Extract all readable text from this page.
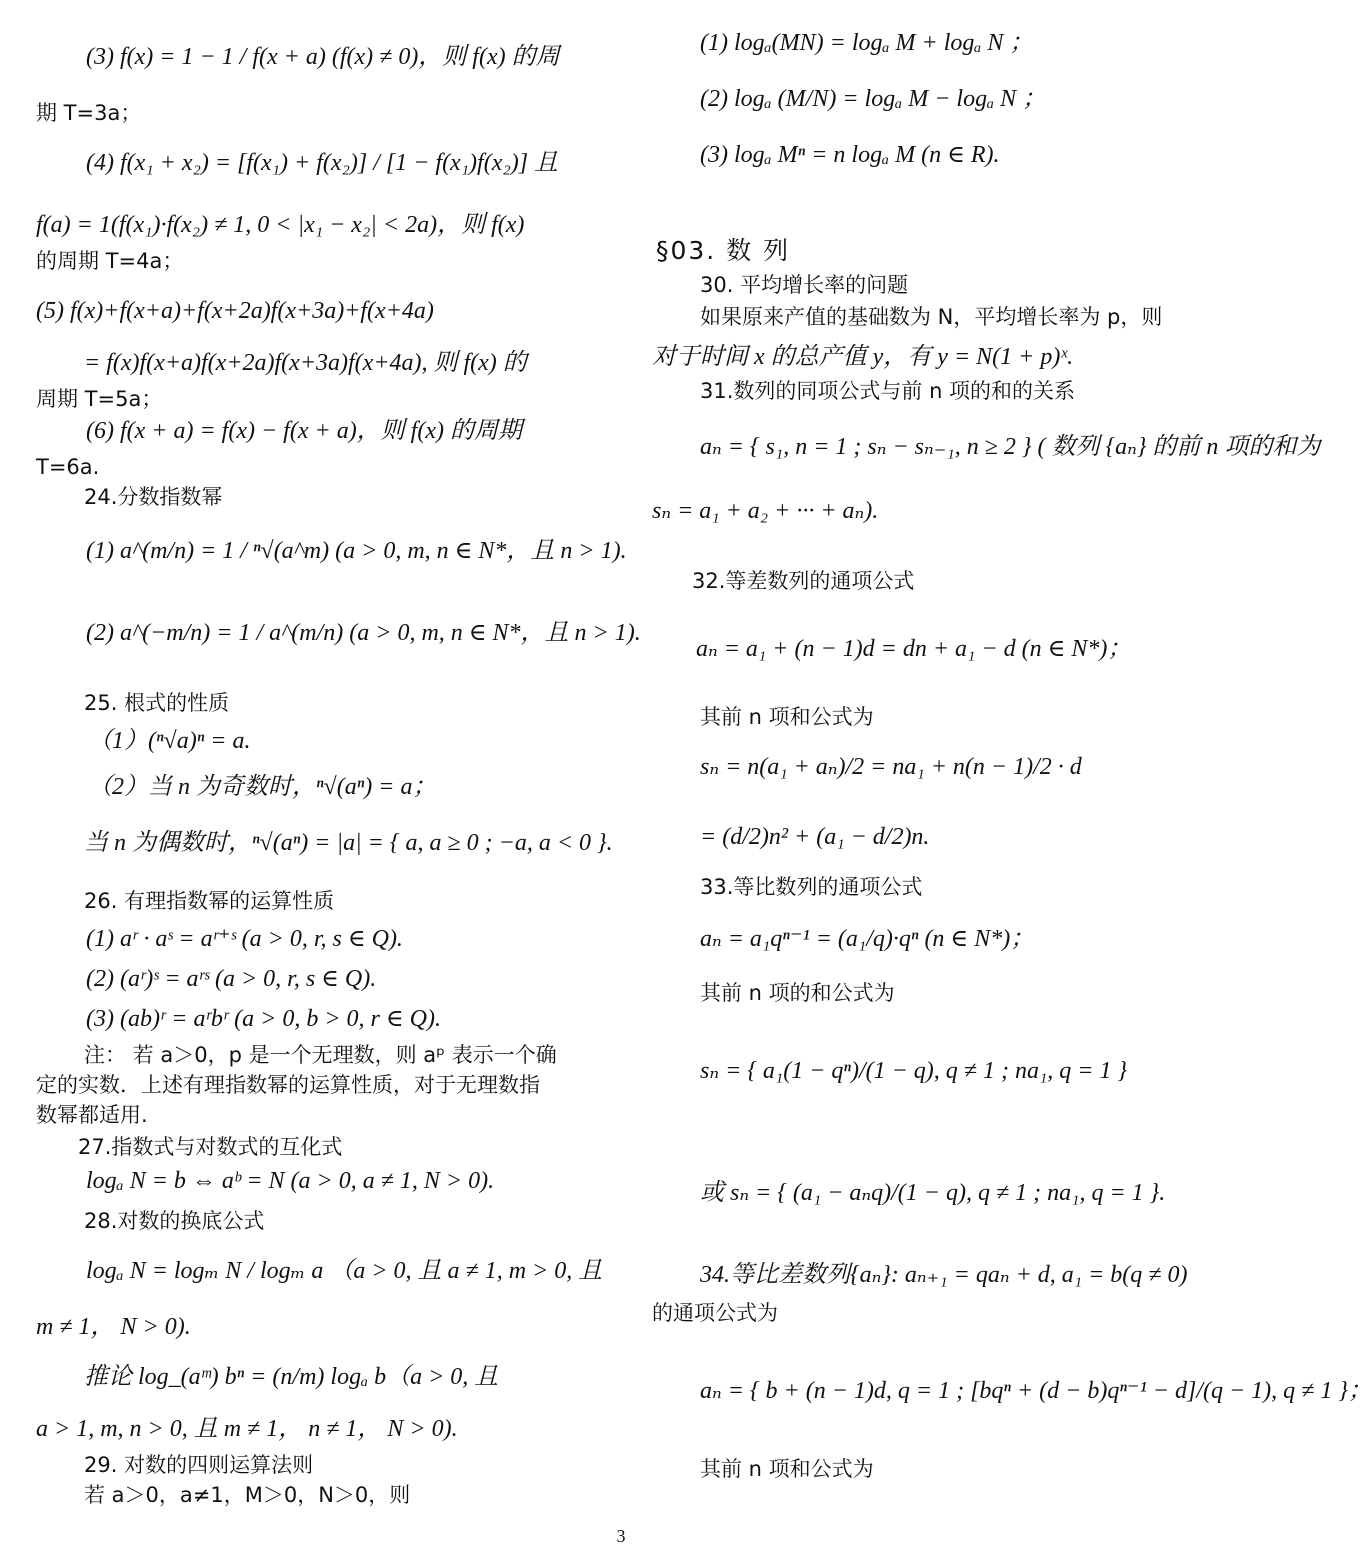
(3) f(x) = 1 − 1 / f(x + a) (f(x) ≠ 0)，则 f(x) 的周
期 T=3a；
(4) f(x₁ + x₂) = [f(x₁) + f(x₂)] / [1 − f(x₁)f(x₂)] 且
f(a) = 1(f(x₁)·f(x₂) ≠ 1, 0 < |x₁ − x₂| < 2a)，则 f(x)
的周期 T=4a；
(5) f(x)+f(x+a)+f(x+2a)f(x+3a)+f(x+4a)
= f(x)f(x+a)f(x+2a)f(x+3a)f(x+4a), 则 f(x) 的
周期 T=5a；
(6) f(x + a) = f(x) − f(x + a)，则 f(x) 的周期
T=6a.
24.分数指数幂
(1) a^(m/n) = 1 / ⁿ√(a^m) (a > 0, m, n ∈ N*，且 n > 1).
(2) a^(−m/n) = 1 / a^(m/n) (a > 0, m, n ∈ N*，且 n > 1).
25. 根式的性质
（1）(ⁿ√a)ⁿ = a.
（2）当 n 为奇数时，ⁿ√(aⁿ) = a；
当 n 为偶数时，ⁿ√(aⁿ) = |a| = { a, a ≥ 0 ; −a, a < 0 }.
26. 有理指数幂的运算性质
(1) aʳ · aˢ = aʳ⁺ˢ (a > 0, r, s ∈ Q).
(2) (aʳ)ˢ = aʳˢ (a > 0, r, s ∈ Q).
(3) (ab)ʳ = aʳbʳ (a > 0, b > 0, r ∈ Q).
注： 若 a＞0，p 是一个无理数，则 aᵖ 表示一个确
定的实数．上述有理指数幂的运算性质，对于无理数指
数幂都适用.
27.指数式与对数式的互化式
logₐ N = b ⇔ aᵇ = N (a > 0, a ≠ 1, N > 0).
28.对数的换底公式
logₐ N = logₘ N / logₘ a （a > 0, 且 a ≠ 1, m > 0, 且
m ≠ 1， N > 0).
推论 log_(aᵐ) bⁿ = (n/m) logₐ b（a > 0, 且
a > 1, m, n > 0, 且 m ≠ 1， n ≠ 1， N > 0).
29. 对数的四则运算法则
若 a＞0，a≠1，M＞0，N＞0，则
(1) logₐ(MN) = logₐ M + logₐ N ；
(2) logₐ (M/N) = logₐ M − logₐ N ；
(3) logₐ Mⁿ = n logₐ M (n ∈ R).
§03. 数 列
30. 平均增长率的问题
如果原来产值的基础数为 N，平均增长率为 p，则
对于时间 x 的总产值 y，有 y = N(1 + p)ˣ.
31.数列的同项公式与前 n 项的和的关系
aₙ = { s₁, n = 1 ; sₙ − sₙ₋₁, n ≥ 2 } ( 数列 {aₙ} 的前 n 项的和为
sₙ = a₁ + a₂ + ··· + aₙ).
32.等差数列的通项公式
aₙ = a₁ + (n − 1)d = dn + a₁ − d (n ∈ N*)；
其前 n 项和公式为
sₙ = n(a₁ + aₙ)/2 = na₁ + n(n − 1)/2 · d
= (d/2)n² + (a₁ − d/2)n.
33.等比数列的通项公式
aₙ = a₁qⁿ⁻¹ = (a₁/q)·qⁿ (n ∈ N*)；
其前 n 项的和公式为
sₙ = { a₁(1 − qⁿ)/(1 − q), q ≠ 1 ; na₁, q = 1 }
或 sₙ = { (a₁ − aₙq)/(1 − q), q ≠ 1 ; na₁, q = 1 }.
34.等比差数列{aₙ}: aₙ₊₁ = qaₙ + d, a₁ = b(q ≠ 0)
的通项公式为
aₙ = { b + (n − 1)d, q = 1 ; [bqⁿ + (d − b)qⁿ⁻¹ − d]/(q − 1), q ≠ 1 }；
其前 n 项和公式为
3
